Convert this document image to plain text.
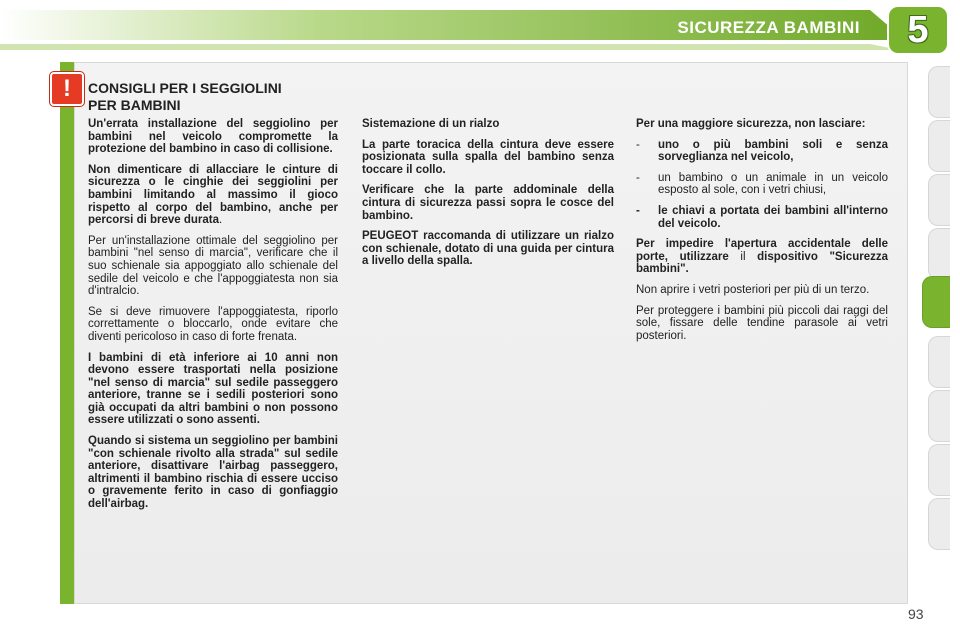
SICUREZZA BAMBINI	5
!	CONSIGLI PER I SEGGIOLINI
PER BAMBINI

Un'errata installazione del seggiolino per bambini nel veicolo compromette la protezione del bambino in caso di collisione.

Non dimenticare di allacciare le cinture di sicurezza o le cinghie dei seggiolini per bambini limitando al massimo il gioco rispetto al corpo del bambino, anche per percorsi di breve durata.

Per un'installazione ottimale del seggiolino per bambini "nel senso di marcia", verificare che il suo schienale sia appoggiato allo schienale del sedile del veicolo e che l'appoggiatesta non sia d'intralcio.

Se si deve rimuovere l'appoggiatesta, riporlo correttamente o bloccarlo, onde evitare che diventi pericoloso in caso di forte frenata.

I bambini di età inferiore ai 10 anni non devono essere trasportati nella posizione "nel senso di marcia" sul sedile passeggero anteriore, tranne se i sedili posteriori sono già occupati da altri bambini o non possono essere utilizzati o sono assenti.

Quando si sistema un seggiolino per bambini "con schienale rivolto alla strada" sul sedile anteriore, disattivare l'airbag passeggero, altrimenti il bambino rischia di essere ucciso o gravemente ferito in caso di gonfiaggio dell'airbag.

Sistemazione di un rialzo

La parte toracica della cintura deve essere posizionata sulla spalla del bambino senza toccare il collo.

Verificare che la parte addominale della cintura di sicurezza passi sopra le cosce del bambino.

PEUGEOT raccomanda di utilizzare un rialzo con schienale, dotato di una guida per cintura a livello della spalla.

Per una maggiore sicurezza, non lasciare:

-	uno o più bambini soli e senza sorveglianza nel veicolo,
-	un bambino o un animale in un veicolo esposto al sole, con i vetri chiusi,
-	le chiavi a portata dei bambini all'interno del veicolo.

Per impedire l'apertura accidentale delle porte, utilizzare il dispositivo "Sicurezza bambini".

Non aprire i vetri posteriori per più di un terzo.

Per proteggere i bambini più piccoli dai raggi del sole, fissare delle tendine parasole ai vetri posteriori.

93
